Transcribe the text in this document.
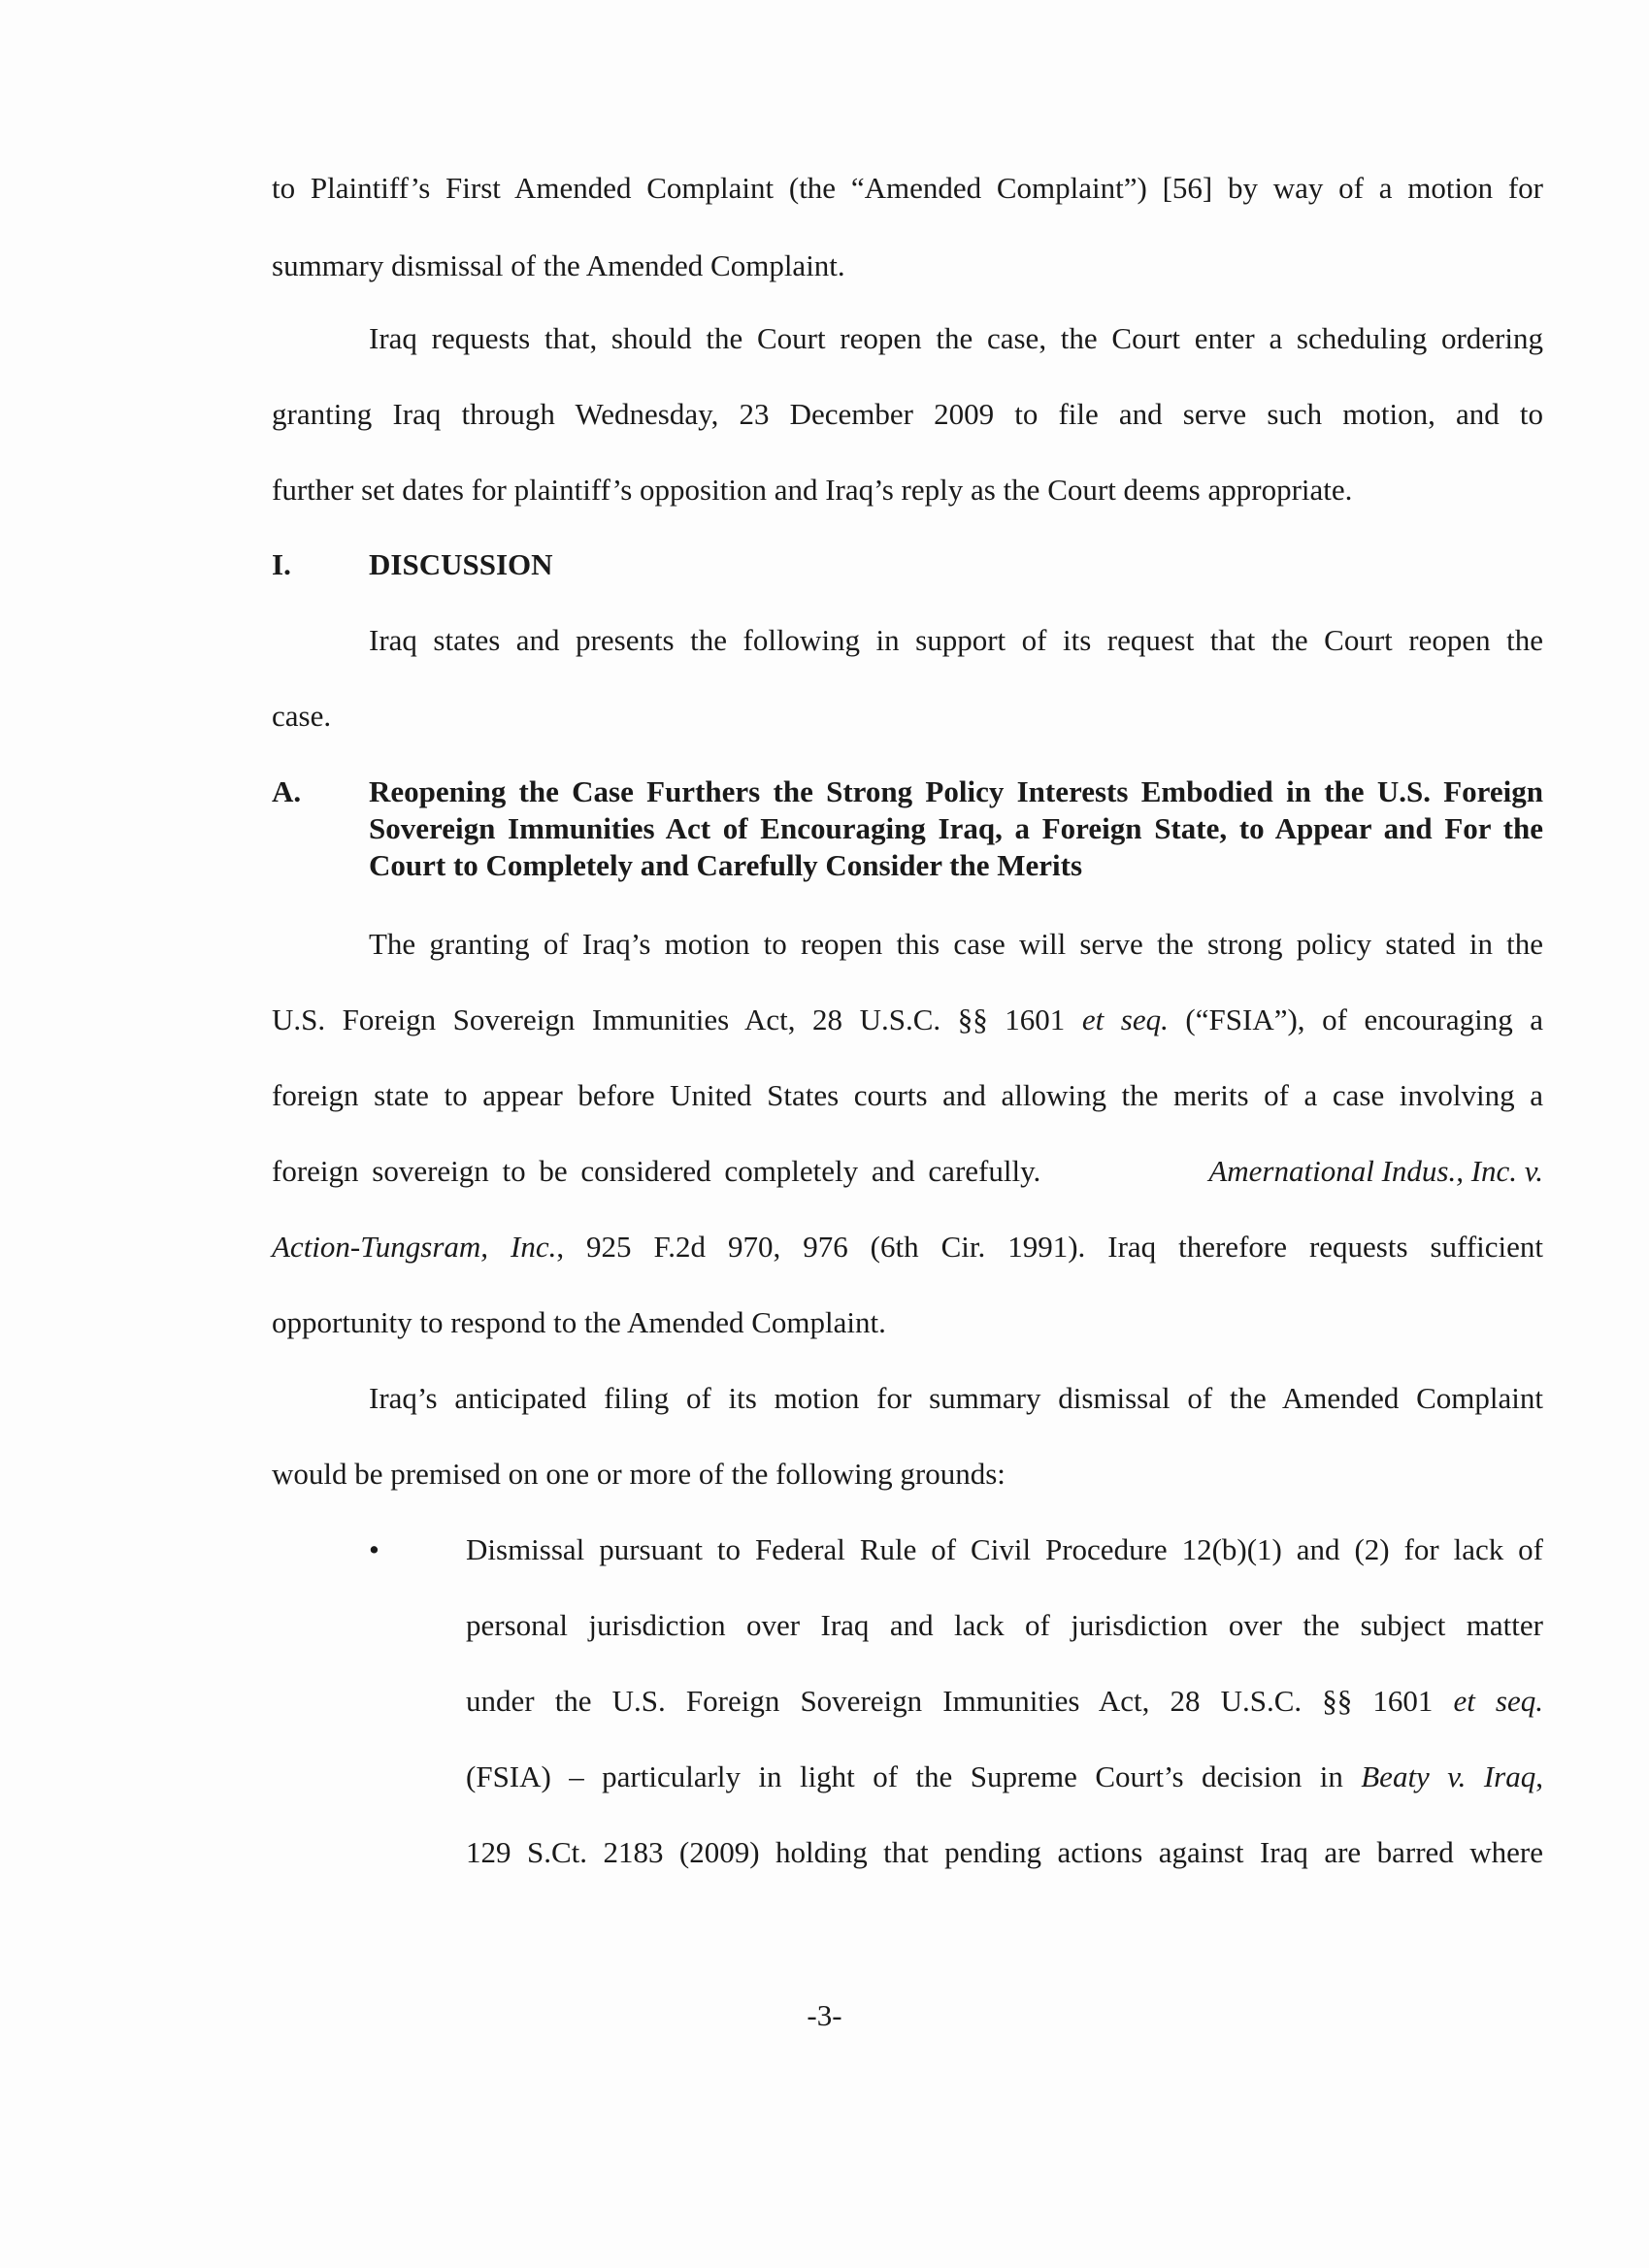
to Plaintiff’s First Amended Complaint (the “Amended Complaint”) [56] by way of a motion for
summary dismissal of the Amended Complaint.
Iraq requests that, should the Court reopen the case, the Court enter a scheduling ordering
granting Iraq through Wednesday, 23 December 2009 to file and serve such motion, and to
further set dates for plaintiff’s opposition and Iraq’s reply as the Court deems appropriate.
I.	DISCUSSION
Iraq states and presents the following in support of its request that the Court reopen the
case.
A. Reopening the Case Furthers the Strong Policy Interests Embodied in the U.S. Foreign Sovereign Immunities Act of Encouraging Iraq, a Foreign State, to Appear and For the Court to Completely and Carefully Consider the Merits
The granting of Iraq’s motion to reopen this case will serve the strong policy stated in the
U.S. Foreign Sovereign Immunities Act, 28 U.S.C. §§ 1601 et seq. (“FSIA”), of encouraging a
foreign state to appear before United States courts and allowing the merits of a case involving a
foreign sovereign to be considered completely and carefully.	Amernational Indus., Inc. v.
Action-Tungsram, Inc., 925 F.2d 970, 976 (6th Cir. 1991). Iraq therefore requests sufficient
opportunity to respond to the Amended Complaint.
Iraq’s anticipated filing of its motion for summary dismissal of the Amended Complaint
would be premised on one or more of the following grounds:
•	Dismissal pursuant to Federal Rule of Civil Procedure 12(b)(1) and (2) for lack of
personal jurisdiction over Iraq and lack of jurisdiction over the subject matter
under the U.S. Foreign Sovereign Immunities Act, 28 U.S.C. §§ 1601 et seq.
(FSIA) – particularly in light of the Supreme Court’s decision in Beaty v. Iraq,
129 S.Ct. 2183 (2009) holding that pending actions against Iraq are barred where
-3-
